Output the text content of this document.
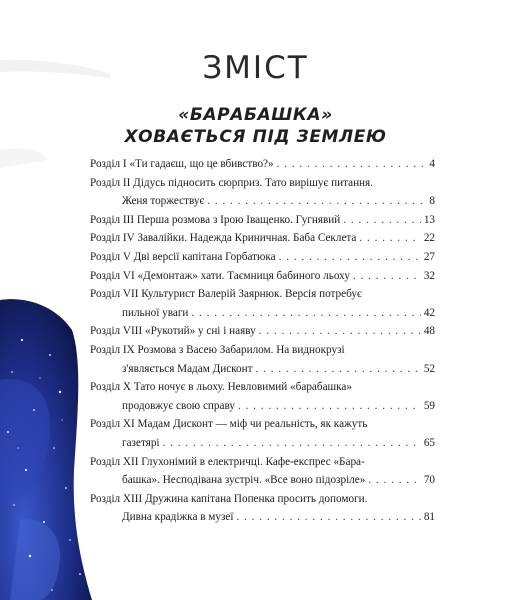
ЗМІСТ
«БАРАБАШКА»
ХОВАЄТЬСЯ ПІД ЗЕМЛЕЮ
Розділ І «Ти гадаєш, що це вбивство?» . . .	4
Розділ II Дідусь підносить сюрприз. Тато вирішує питання.
Женя торжествує . . .	8
Розділ III Перша розмова з Ірою Іващенко. Гугнявий . . .	13
Розділ IV Завалійки. Надежда Криничная. Баба Секлета . . .	22
Розділ V Дві версії капітана Горбатюка . . .	27
Розділ VI «Демонтаж» хати. Таємниця бабиного льоху . . .	32
Розділ VII Культурист Валерій Заярнюк. Версія потребує
пильної уваги . . .	42
Розділ VIII «Рукотий» у сні і наяву . . .	48
Розділ IX Розмова з Васею Забарилом. На виднокрузі
з'являється Мадам Дисконт . . .	52
Розділ X Тато ночує в льоху. Невловимий «барабашка»
продовжує свою справу . . .	59
Розділ XI Мадам Дисконт — міф чи реальність, як кажуть
газетярі . . .	65
Розділ XII Глухонімий в електричці. Кафе-експрес «Бара-
башка». Несподівана зустріч. «Все воно підозріле» . . .	70
Розділ XIII Дружина капітана Попенка просить допомоги.
Дивна крадіжка в музеї . . .	81
